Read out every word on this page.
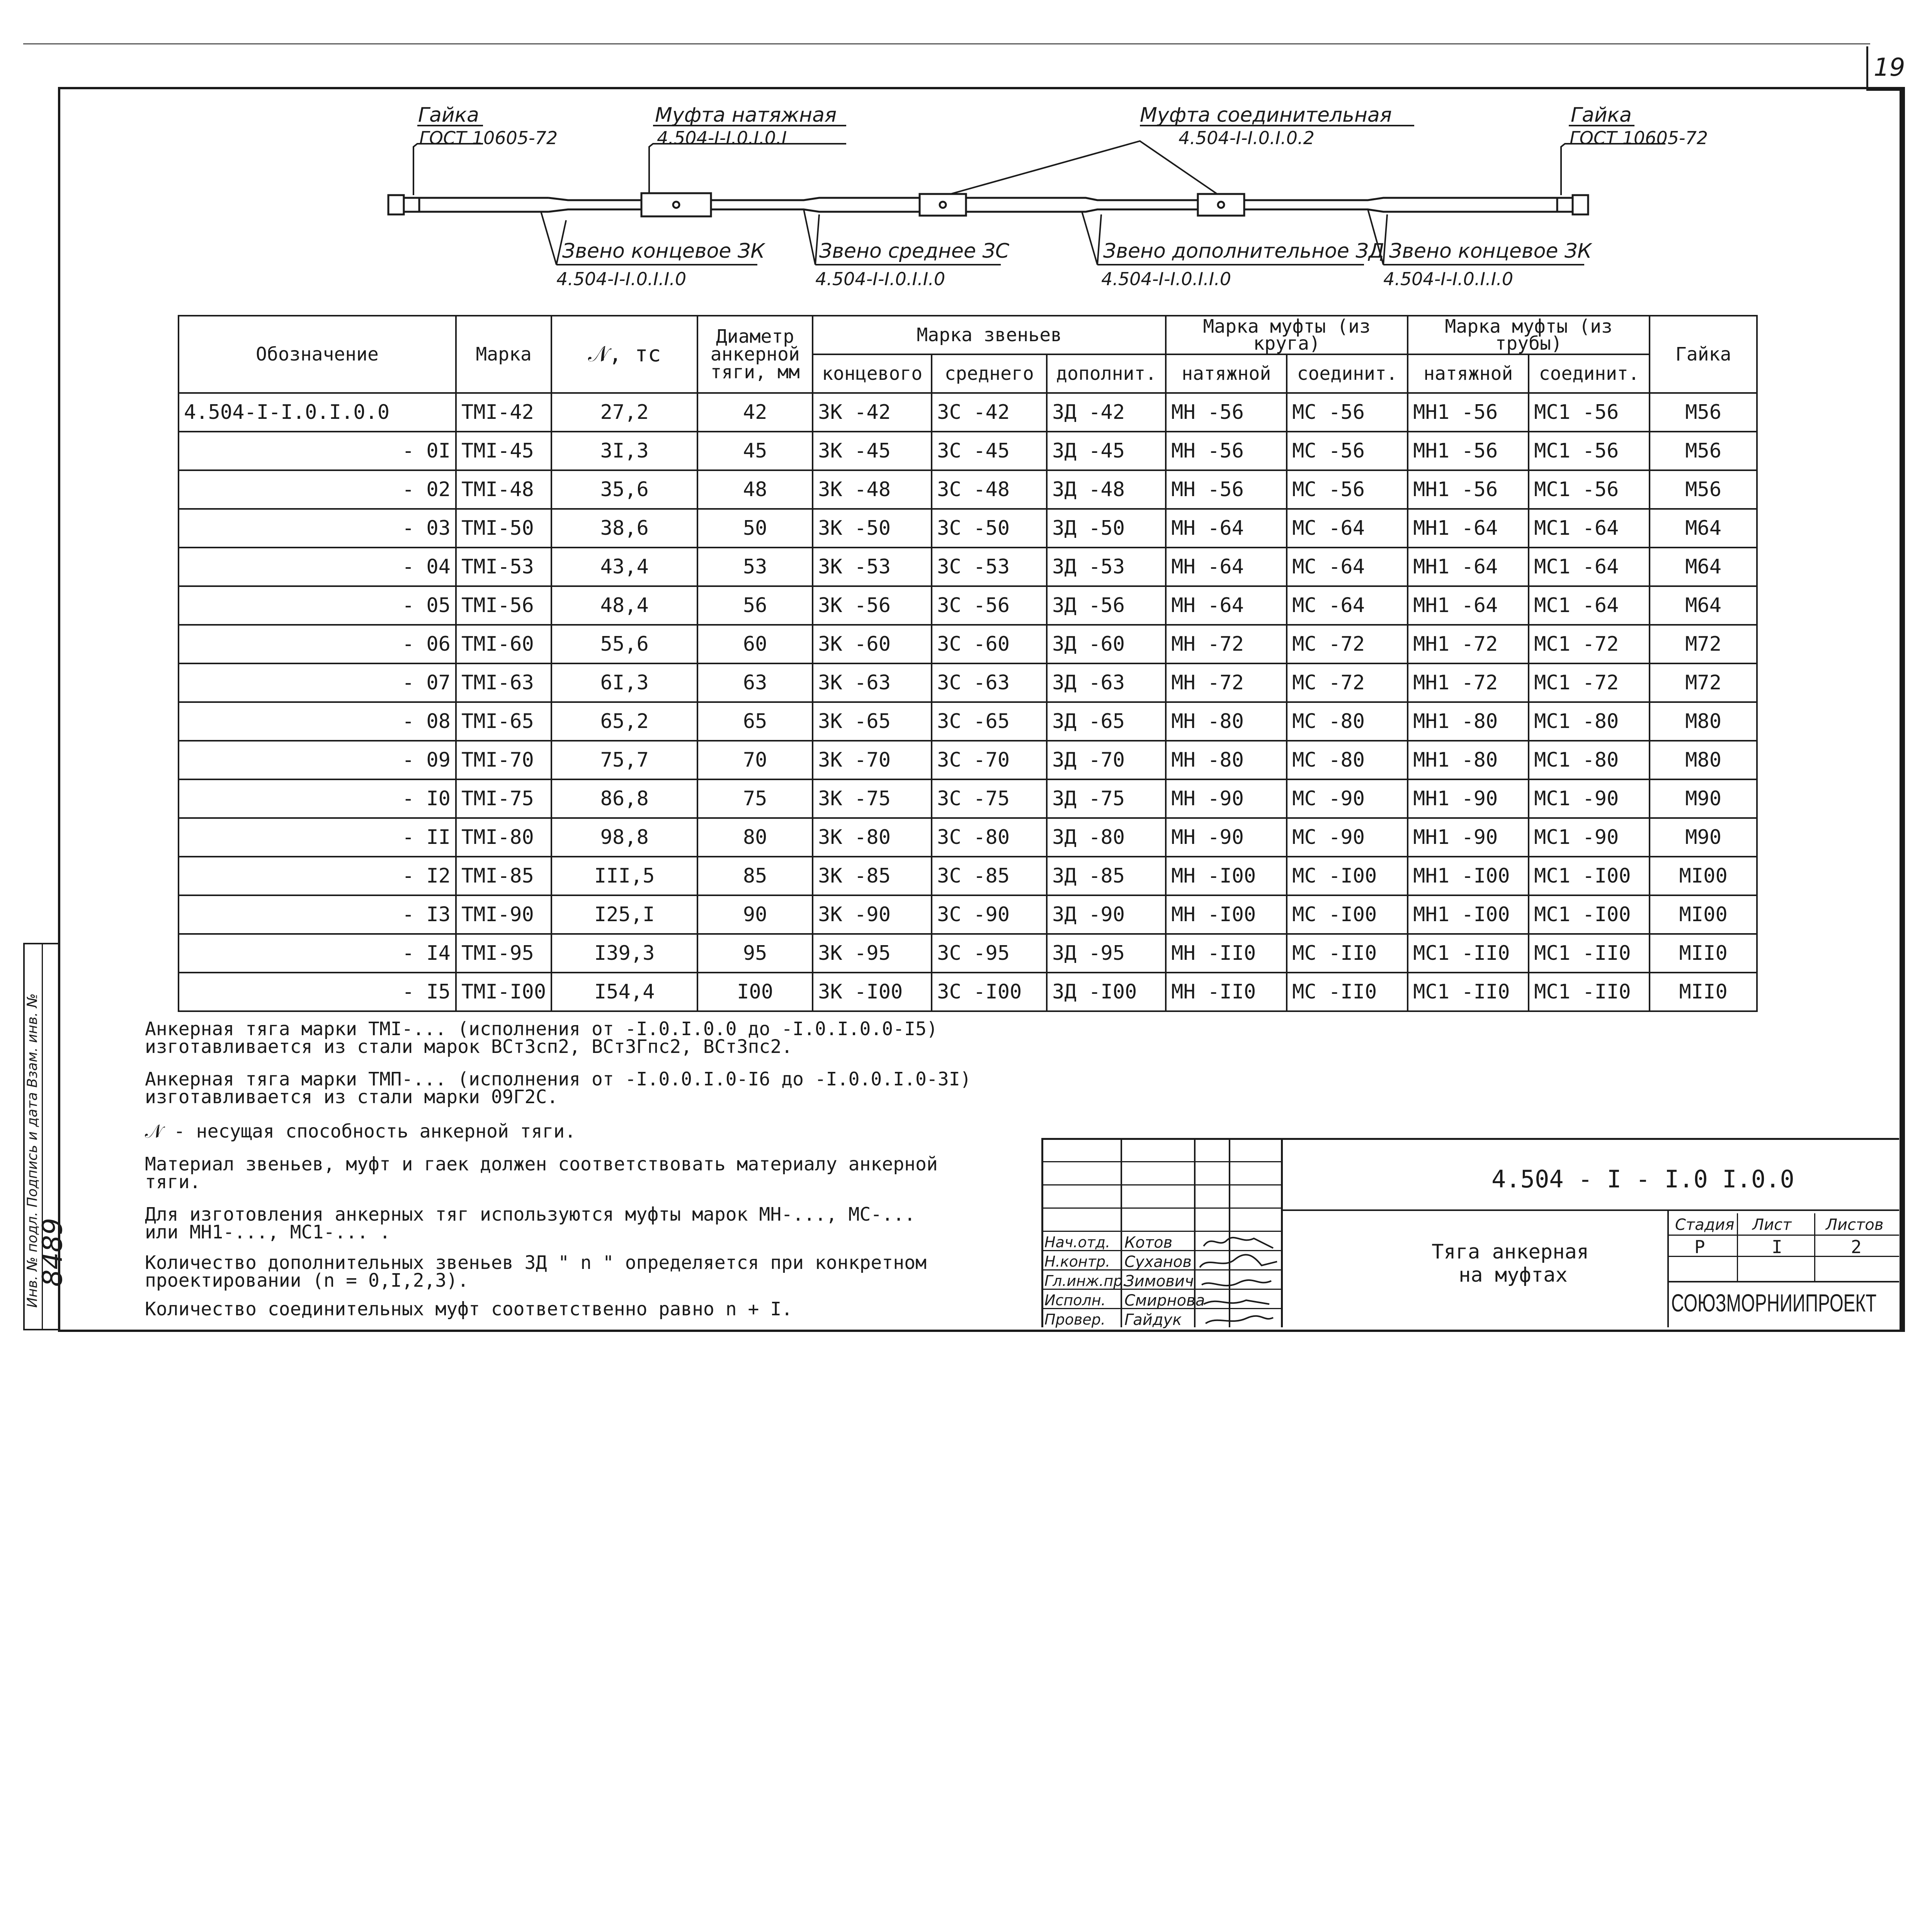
19
Гайка
ГОСТ 10605-72
Муфта натяжная
4.504-I-I.0.I.0.I
Муфта соединительная
4.504-I-I.0.I.0.2
Гайка
ГОСТ 10605-72
Звено концевое ЗК
4.504-I-I.0.I.I.0
Звено среднее ЗС
4.504-I-I.0.I.I.0
Звено дополнительное ЗД
4.504-I-I.0.I.I.0
Звено концевое ЗК
4.504-I-I.0.I.I.0
Обозначение	Марка	𝒩, тс	Диаметр анкерной тяги, мм	Марка звеньев			Марка муфты (из круга)		Марка муфты (из трубы)		Гайка
				концевого	среднего	дополнит.	натяжной	соединит.	натяжной	соединит.	
4.504-I-I.0.I.0.0	TMI-42	27,2	42	ЗК -42	ЗС -42	ЗД -42	МН -56	МС -56	МН1 -56	МС1 -56	M56
- 0I	TMI-45	3I,3	45	ЗК -45	ЗС -45	ЗД -45	МН -56	МС -56	МН1 -56	МС1 -56	M56
- 02	TMI-48	35,6	48	ЗК -48	ЗС -48	ЗД -48	МН -56	МС -56	МН1 -56	МС1 -56	M56
- 03	TMI-50	38,6	50	ЗК -50	ЗС -50	ЗД -50	МН -64	МС -64	МН1 -64	МС1 -64	M64
- 04	TMI-53	43,4	53	ЗК -53	ЗС -53	ЗД -53	МН -64	МС -64	МН1 -64	МС1 -64	M64
- 05	TMI-56	48,4	56	ЗК -56	ЗС -56	ЗД -56	МН -64	МС -64	МН1 -64	МС1 -64	M64
- 06	TMI-60	55,6	60	ЗК -60	ЗС -60	ЗД -60	МН -72	МС -72	МН1 -72	МС1 -72	M72
- 07	TMI-63	6I,3	63	ЗК -63	ЗС -63	ЗД -63	МН -72	МС -72	МН1 -72	МС1 -72	M72
- 08	TMI-65	65,2	65	ЗК -65	ЗС -65	ЗД -65	МН -80	МС -80	МН1 -80	МС1 -80	M80
- 09	TMI-70	75,7	70	ЗК -70	ЗС -70	ЗД -70	МН -80	МС -80	МН1 -80	МС1 -80	M80
- I0	TMI-75	86,8	75	ЗК -75	ЗС -75	ЗД -75	МН -90	МС -90	МН1 -90	МС1 -90	M90
- II	TMI-80	98,8	80	ЗК -80	ЗС -80	ЗД -80	МН -90	МС -90	МН1 -90	МС1 -90	M90
- I2	TMI-85	III,5	85	ЗК -85	ЗС -85	ЗД -85	МН -I00	МС -I00	МН1 -I00	МС1 -I00	MI00
- I3	TMI-90	I25,I	90	ЗК -90	ЗС -90	ЗД -90	МН -I00	МС -I00	МН1 -I00	МС1 -I00	MI00
- I4	TMI-95	I39,3	95	ЗК -95	ЗС -95	ЗД -95	МН -II0	МС -II0	МС1 -II0	МС1 -II0	MII0
- I5	TMI-I00	I54,4	I00	ЗК -I00	ЗС -I00	ЗД -I00	МН -II0	МС -II0	МС1 -II0	МС1 -II0	MII0
Анкерная тяга марки TMI-... (исполнения от -I.0.I.0.0 до -I.0.I.0.0-I5)
изготавливается из стали марок ВСт3сп2, ВСт3Гпс2, ВСт3пс2.
Анкерная тяга марки ТМП-... (исполнения от -I.0.0.I.0-I6 до -I.0.0.I.0-3I)
изготавливается из стали марки 09Г2С.
𝒩 - несущая способность анкерной тяги.
Материал звеньев, муфт и гаек должен соответствовать материалу анкерной
тяги.
Для изготовления анкерных тяг используются муфты марок МН-..., МС-...
или МН1-..., МС1-... .
Количество дополнительных звеньев ЗД " n " определяется при конкретном
проектировании (n = 0,I,2,3).
Количество соединительных муфт соответственно равно n + I.
4.504 - I - I.0 I.0.0
Тяга анкерная
на муфтах
Стадия Лист Листов
Р	I	2
СОЮЗМОРНИИПРОЕКТ
Нач.отд. Котов
Н.контр. Суханов
Гл.инж.пр.
Зимович
Исполн. Смирнова
Провер. Гайдук
Инв. № подл. Подпись и дата Взам. инв. №
8489
